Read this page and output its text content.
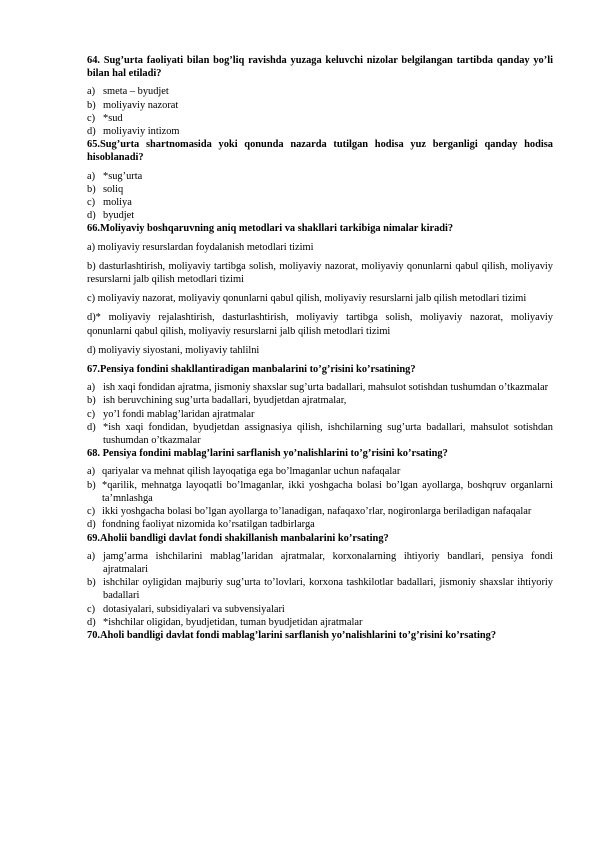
64. Sug’urta faoliyati bilan bog’liq ravishda yuzaga keluvchi nizolar belgilangan tartibda qanday yo’li bilan hal etiladi?

a) smeta – byudjet

b) moliyaviy nazorat

c) *sud

d) moliyaviy intizom

65.Sug’urta shartnomasida yoki qonunda nazarda tutilgan hodisa yuz berganligi qanday hodisa hisoblanadi?

a) *sug’urta

b) soliq

c) moliya

d) byudjet

66.Moliyaviy boshqaruvning aniq metodlari va shakllari tarkibiga nimalar kiradi?

a) moliyaviy resurslardan foydalanish metodlari tizimi

b) dasturlashtirish, moliyaviy tartibga solish, moliyaviy nazorat, moliyaviy qonunlarni qabul qilish, moliyaviy resurslarni jalb qilish metodlari tizimi

c) moliyaviy nazorat, moliyaviy qonunlarni qabul qilish, moliyaviy resurslarni jalb qilish metodlari tizimi

d)* moliyaviy rejalashtirish, dasturlashtirish, moliyaviy tartibga solish, moliyaviy nazorat, moliyaviy qonunlarni qabul qilish, moliyaviy resurslarni jalb qilish metodlari tizimi

d) moliyaviy siyostani, moliyaviy tahlilni

67.Pensiya fondini shakllantiradigan manbalarini to’g’risini ko’rsatining?

a) ish xaqi fondidan ajratma, jismoniy shaxslar sug’urta badallari, mahsulot sotishdan tushumdan o’tkazmalar

b) ish beruvchining sug’urta badallari, byudjetdan ajratmalar,

c) yo’l fondi mablag’laridan ajratmalar

d) *ish xaqi fondidan, byudjetdan assignasiya qilish, ishchilarning sug’urta badallari, mahsulot sotishdan tushumdan o’tkazmalar

68. Pensiya fondini mablag’larini sarflanish yo’nalishlarini to’g’risini ko’rsating?

a) qariyalar va mehnat qilish layoqatiga ega bo’lmaganlar uchun nafaqalar

b) *qarilik, mehnatga layoqatli bo’lmaganlar, ikki yoshgacha bolasi bo’lgan ayollarga, boshqruv organlarni ta’mnlashga

c) ikki yoshgacha bolasi bo’lgan ayollarga to’lanadigan, nafaqaxo’rlar, nogironlarga beriladigan nafaqalar

d) fondning faoliyat nizomida ko’rsatilgan tadbirlarga

69.Aholii bandligi davlat fondi shakillanish manbalarini ko’rsating?

a) jamg’arma ishchilarini mablag’laridan ajratmalar, korxonalarning ihtiyoriy bandlari, pensiya fondi ajratmalari

b) ishchilar oyligidan majburiy sug’urta to’lovlari, korxona tashkilotlar badallari, jismoniy shaxslar ihtiyoriy badallari

c) dotasiyalari, subsidiyalari va subvensiyalari

d) *ishchilar oligidan, byudjetidan, tuman byudjetidan ajratmalar

70.Aholi bandligi davlat fondi mablag’larini sarflanish yo’nalishlarini to’g’risini ko’rsating?
